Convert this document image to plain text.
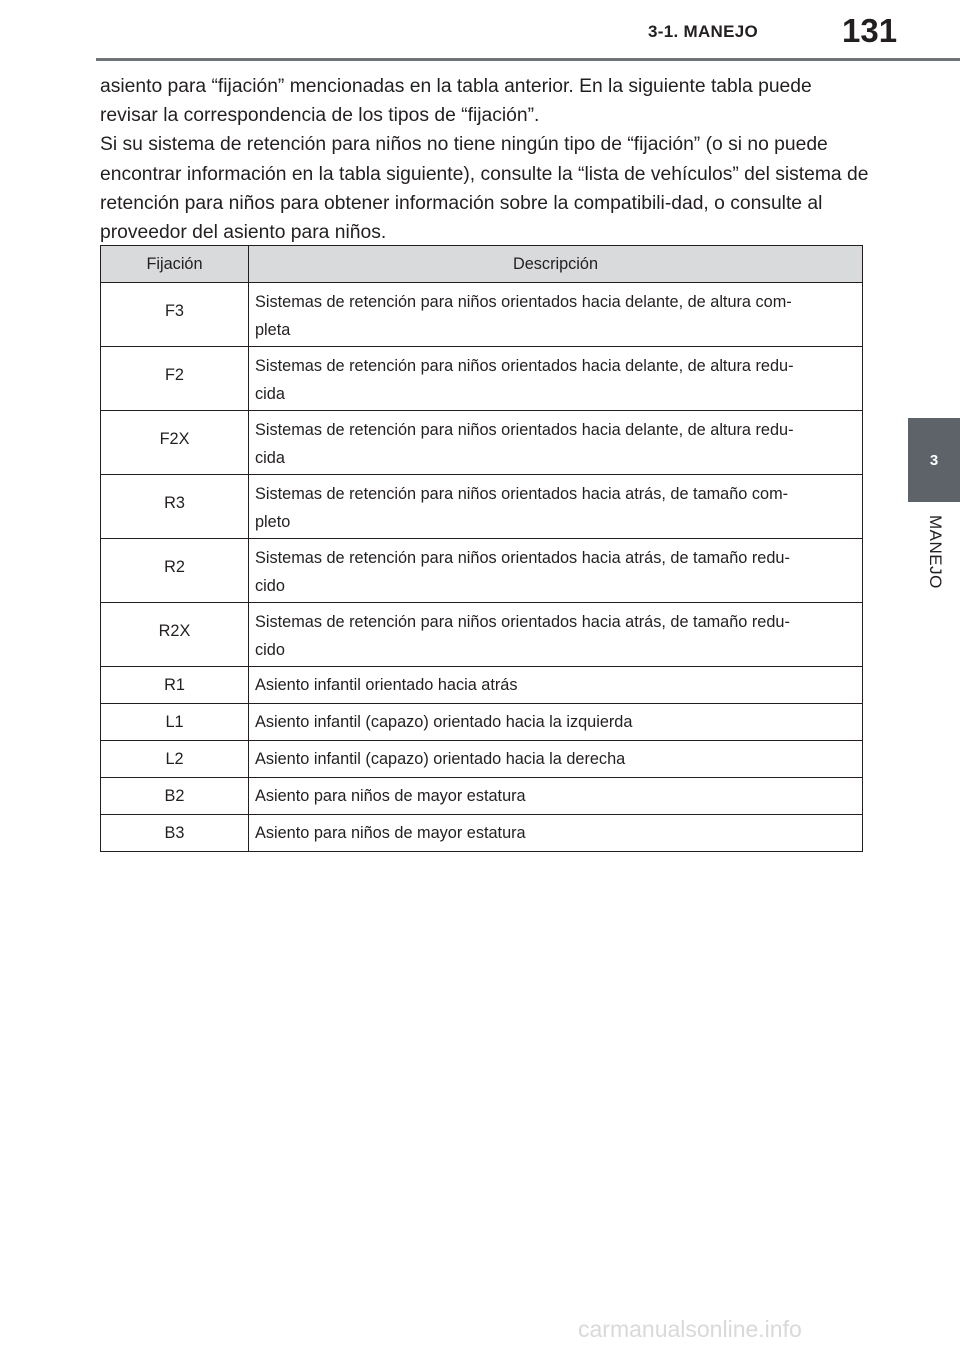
3-1. MANEJO	131
3
MANEJO

asiento para “fijación” mencionadas en la tabla anterior. En la siguiente tabla puede revisar la correspondencia de los tipos de “fijación”.

Si su sistema de retención para niños no tiene ningún tipo de “fijación” (o si no puede encontrar información en la tabla siguiente), consulte la “lista de vehículos” del sistema de retención para niños para obtener información sobre la compatibili-dad, o consulte al proveedor del asiento para niños.

Fijación	Descripción
F3	Sistemas de retención para niños orientados hacia delante, de altura com-
pleta
F2	Sistemas de retención para niños orientados hacia delante, de altura redu-
cida
F2X	Sistemas de retención para niños orientados hacia delante, de altura redu-
cida
R3	Sistemas de retención para niños orientados hacia atrás, de tamaño com-
pleto
R2	Sistemas de retención para niños orientados hacia atrás, de tamaño redu-
cido
R2X	Sistemas de retención para niños orientados hacia atrás, de tamaño redu-
cido
R1	Asiento infantil orientado hacia atrás
L1	Asiento infantil (capazo) orientado hacia la izquierda
L2	Asiento infantil (capazo) orientado hacia la derecha
B2	Asiento para niños de mayor estatura
B3	Asiento para niños de mayor estatura
carmanualsonline.info
